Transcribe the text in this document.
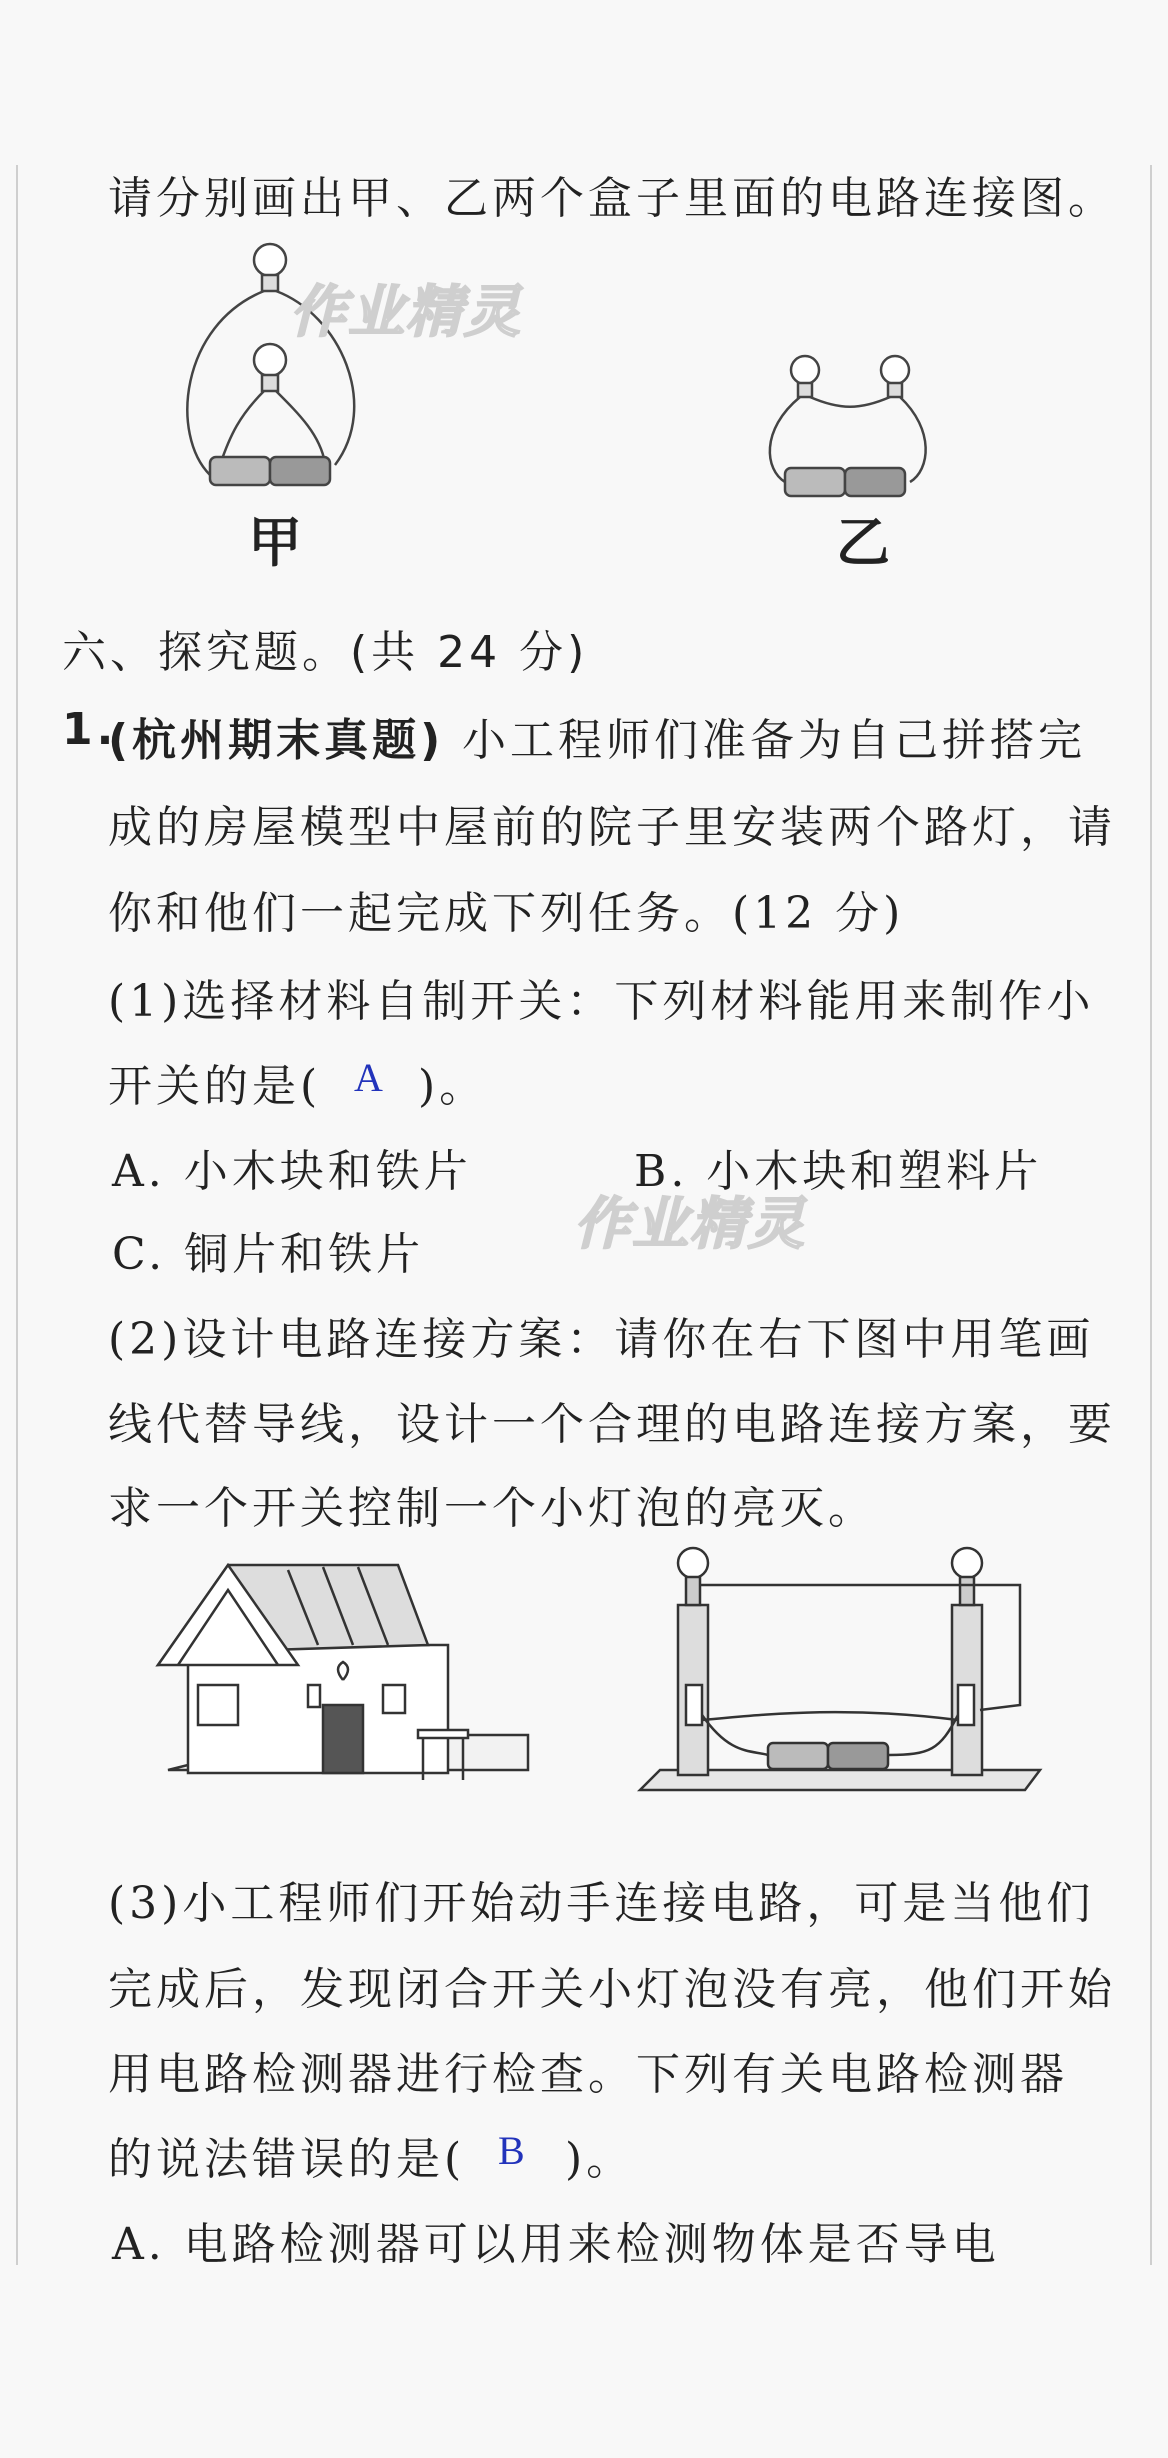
请分别画出甲、乙两个盒子里面的电路连接图。
甲	乙
作业精灵
六、探究题。(共 24 分)
1.
(杭州期末真题) 小工程师们准备为自己拼搭完
成的房屋模型中屋前的院子里安装两个路灯，请
你和他们一起完成下列任务。(12 分)
(1)选择材料自制开关：下列材料能用来制作小
开关的是( A )。
A. 小木块和铁片	B. 小木块和塑料片
C. 铜片和铁片	作业精灵
(2)设计电路连接方案：请你在右下图中用笔画
线代替导线，设计一个合理的电路连接方案，要
求一个开关控制一个小灯泡的亮灭。
(3)小工程师们开始动手连接电路，可是当他们
完成后，发现闭合开关小灯泡没有亮，他们开始
用电路检测器进行检查。下列有关电路检测器
的说法错误的是( B )。
A. 电路检测器可以用来检测物体是否导电
